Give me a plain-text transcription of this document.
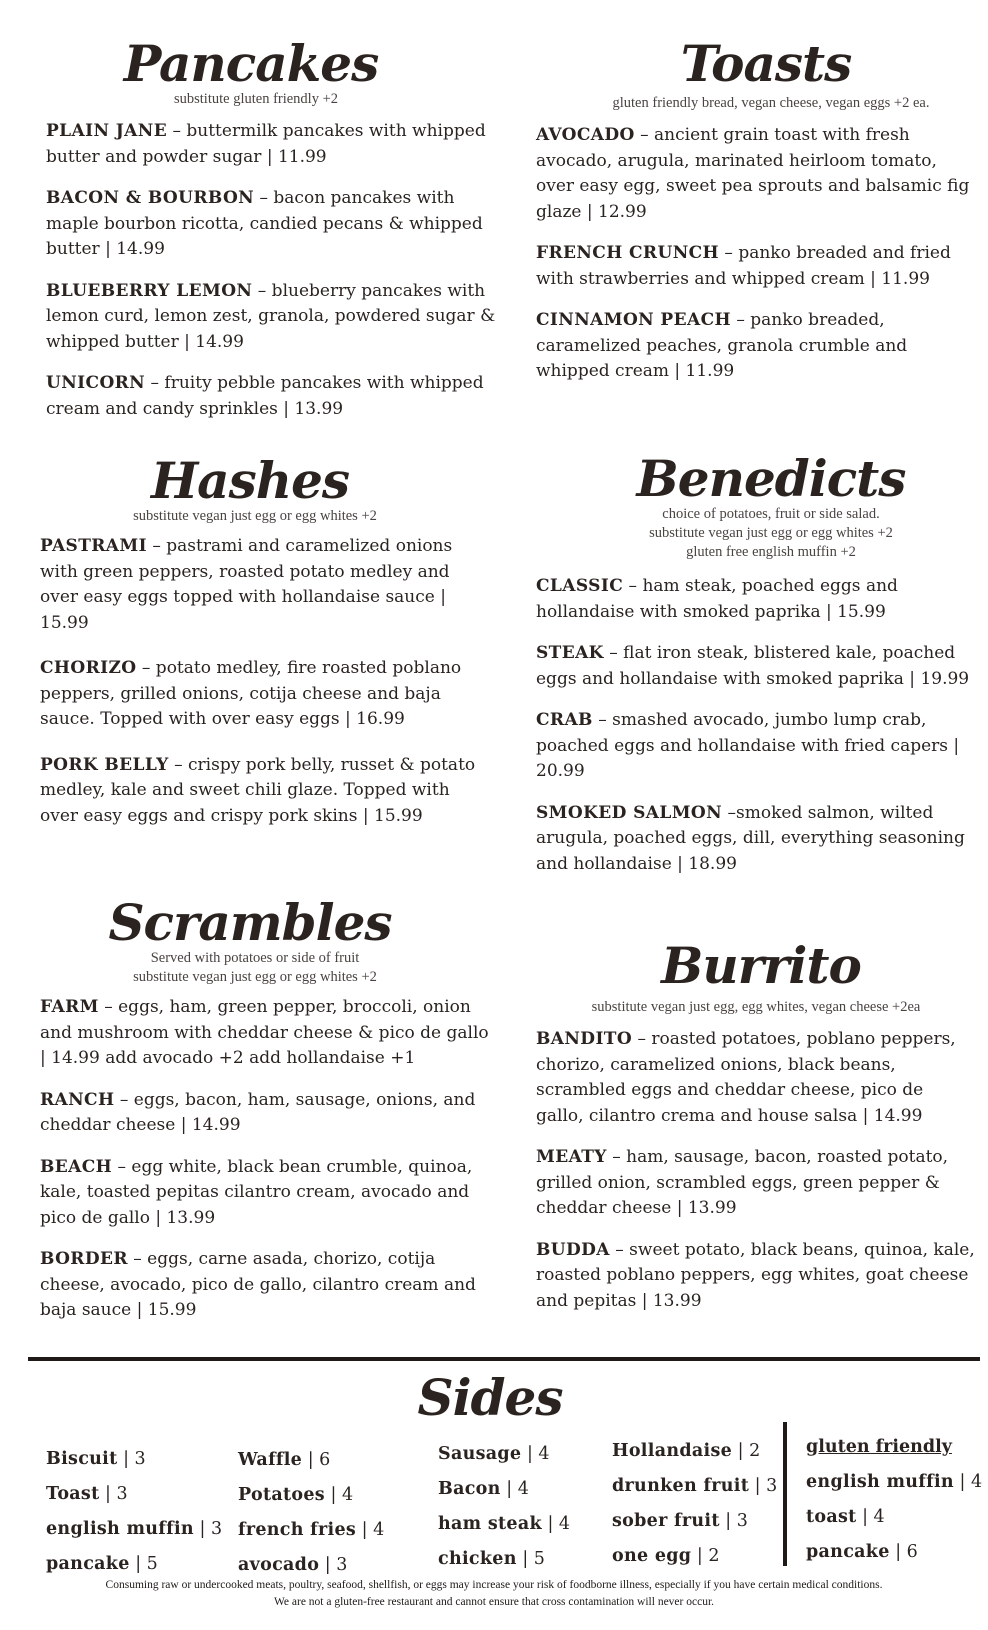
Pancakes

substitute gluten friendly +2

PLAIN JANE – buttermilk pancakes with whipped butter and powder sugar | 11.99

BACON & BOURBON – bacon pancakes with maple bourbon ricotta, candied pecans & whipped butter | 14.99

BLUEBERRY LEMON – blueberry pancakes with lemon curd, lemon zest, granola, powdered sugar & whipped butter | 14.99

UNICORN – fruity pebble pancakes with whipped cream and candy sprinkles | 13.99

Toasts

gluten friendly bread, vegan cheese, vegan eggs +2 ea.

AVOCADO – ancient grain toast with fresh avocado, arugula, marinated heirloom tomato, over easy egg, sweet pea sprouts and balsamic fig glaze | 12.99

FRENCH CRUNCH – panko breaded and fried with strawberries and whipped cream | 11.99

CINNAMON PEACH – panko breaded, caramelized peaches, granola crumble and whipped cream | 11.99

Hashes

substitute vegan just egg or egg whites +2

PASTRAMI – pastrami and caramelized onions with green peppers, roasted potato medley and over easy eggs topped with hollandaise sauce | 15.99

CHORIZO – potato medley, fire roasted poblano peppers, grilled onions, cotija cheese and baja sauce. Topped with over easy eggs | 16.99

PORK BELLY – crispy pork belly, russet & potato medley, kale and sweet chili glaze. Topped with over easy eggs and crispy pork skins | 15.99

Benedicts

choice of potatoes, fruit or side salad.

substitute vegan just egg or egg whites +2

gluten free english muffin +2

CLASSIC – ham steak, poached eggs and hollandaise with smoked paprika | 15.99

STEAK – flat iron steak, blistered kale, poached eggs and hollandaise with smoked paprika | 19.99

CRAB – smashed avocado, jumbo lump crab, poached eggs and hollandaise with fried capers | 20.99

SMOKED SALMON –smoked salmon, wilted arugula, poached eggs, dill, everything seasoning and hollandaise | 18.99

Scrambles

Served with potatoes or side of fruit

substitute vegan just egg or egg whites +2

FARM – eggs, ham, green pepper, broccoli, onion and mushroom with cheddar cheese & pico de gallo | 14.99 add avocado +2 add hollandaise +1

RANCH – eggs, bacon, ham, sausage, onions, and cheddar cheese | 14.99

BEACH – egg white, black bean crumble, quinoa, kale, toasted pepitas cilantro cream, avocado and pico de gallo | 13.99

BORDER – eggs, carne asada, chorizo, cotija cheese, avocado, pico de gallo, cilantro cream and baja sauce | 15.99

Burrito

substitute vegan just egg, egg whites, vegan cheese +2ea

BANDITO – roasted potatoes, poblano peppers, chorizo, caramelized onions, black beans, scrambled eggs and cheddar cheese, pico de gallo, cilantro crema and house salsa | 14.99

MEATY – ham, sausage, bacon, roasted potato, grilled onion, scrambled eggs, green pepper & cheddar cheese | 13.99

BUDDA – sweet potato, black beans, quinoa, kale, roasted poblano peppers, egg whites, goat cheese and pepitas | 13.99

Sides
Biscuit | 3
Toast | 3
english muffin | 3
pancake | 5
Waffle | 6
Potatoes | 4
french fries | 4
avocado | 3
Sausage | 4
Bacon | 4
ham steak | 4
chicken | 5
Hollandaise | 2
drunken fruit | 3
sober fruit | 3
one egg | 2
gluten friendly
english muffin | 4
toast | 4
pancake | 6
Consuming raw or undercooked meats, poultry, seafood, shellfish, or eggs may increase your risk of foodborne illness, especially if you have certain medical conditions.
We are not a gluten-free restaurant and cannot ensure that cross contamination will never occur.
